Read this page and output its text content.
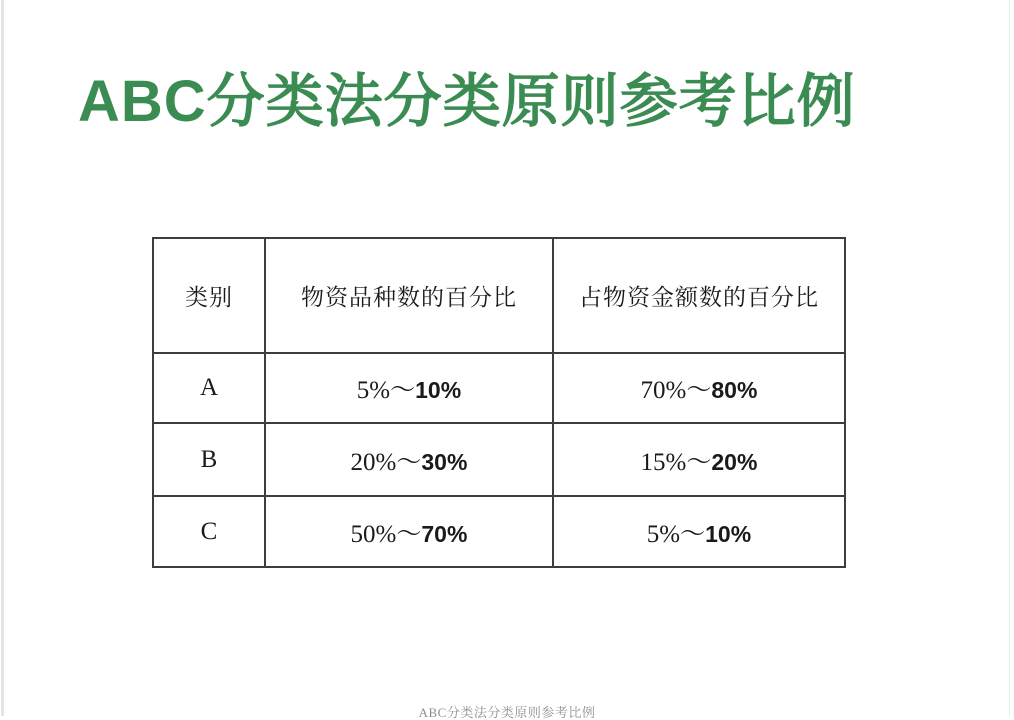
ABC分类法分类原则参考比例
类别	物资品种数的百分比	占物资金额数的百分比
A	5%～10%	70%～80%
B	20%～30%	15%～20%
C	50%～70%	5%～10%
ABC分类法分类原则参考比例
